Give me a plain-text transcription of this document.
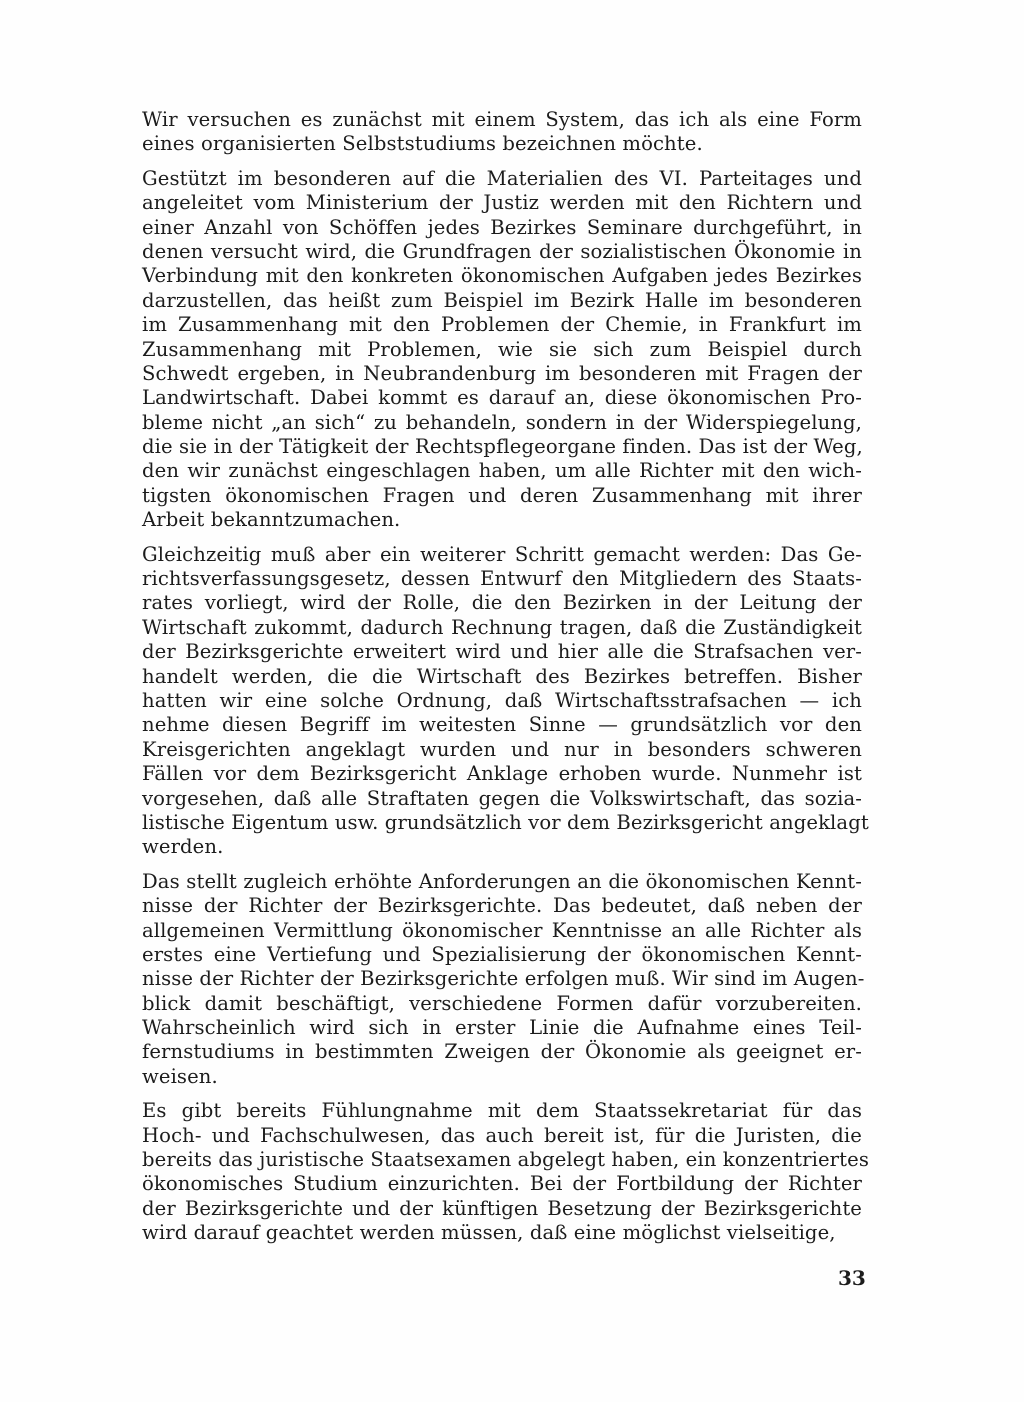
Wir versuchen es zunächst mit einem System, das ich als eine Form
eines organisierten Selbststudiums bezeichnen möchte.
Gestützt im besonderen auf die Materialien des VI. Parteitages und
angeleitet vom Ministerium der Justiz werden mit den Richtern und
einer Anzahl von Schöffen jedes Bezirkes Seminare durchgeführt, in
denen versucht wird, die Grundfragen der sozialistischen Ökonomie in
Verbindung mit den konkreten ökonomischen Aufgaben jedes Bezirkes
darzustellen, das heißt zum Beispiel im Bezirk Halle im besonderen
im Zusammenhang mit den Problemen der Chemie, in Frankfurt im
Zusammenhang mit Problemen, wie sie sich zum Beispiel durch
Schwedt ergeben, in Neubrandenburg im besonderen mit Fragen der
Landwirtschaft. Dabei kommt es darauf an, diese ökonomischen Pro-
bleme nicht „an sich“ zu behandeln, sondern in der Widerspiegelung,
die sie in der Tätigkeit der Rechtspflegeorgane finden. Das ist der Weg,
den wir zunächst eingeschlagen haben, um alle Richter mit den wich-
tigsten ökonomischen Fragen und deren Zusammenhang mit ihrer
Arbeit bekanntzumachen.
Gleichzeitig muß aber ein weiterer Schritt gemacht werden: Das Ge-
richtsverfassungsgesetz, dessen Entwurf den Mitgliedern des Staats-
rates vorliegt, wird der Rolle, die den Bezirken in der Leitung der
Wirtschaft zukommt, dadurch Rechnung tragen, daß die Zuständigkeit
der Bezirksgerichte erweitert wird und hier alle die Strafsachen ver-
handelt werden, die die Wirtschaft des Bezirkes betreffen. Bisher
hatten wir eine solche Ordnung, daß Wirtschaftsstrafsachen — ich
nehme diesen Begriff im weitesten Sinne — grundsätzlich vor den
Kreisgerichten angeklagt wurden und nur in besonders schweren
Fällen vor dem Bezirksgericht Anklage erhoben wurde. Nunmehr ist
vorgesehen, daß alle Straftaten gegen die Volkswirtschaft, das sozia-
listische Eigentum usw. grundsätzlich vor dem Bezirksgericht angeklagt
werden.
Das stellt zugleich erhöhte Anforderungen an die ökonomischen Kennt-
nisse der Richter der Bezirksgerichte. Das bedeutet, daß neben der
allgemeinen Vermittlung ökonomischer Kenntnisse an alle Richter als
erstes eine Vertiefung und Spezialisierung der ökonomischen Kennt-
nisse der Richter der Bezirksgerichte erfolgen muß. Wir sind im Augen-
blick damit beschäftigt, verschiedene Formen dafür vorzubereiten.
Wahrscheinlich wird sich in erster Linie die Aufnahme eines Teil-
fernstudiums in bestimmten Zweigen der Ökonomie als geeignet er-
weisen.
Es gibt bereits Fühlungnahme mit dem Staatssekretariat für das
Hoch- und Fachschulwesen, das auch bereit ist, für die Juristen, die
bereits das juristische Staatsexamen abgelegt haben, ein konzentriertes
ökonomisches Studium einzurichten. Bei der Fortbildung der Richter
der Bezirksgerichte und der künftigen Besetzung der Bezirksgerichte
wird darauf geachtet werden müssen, daß eine möglichst vielseitige,
33
